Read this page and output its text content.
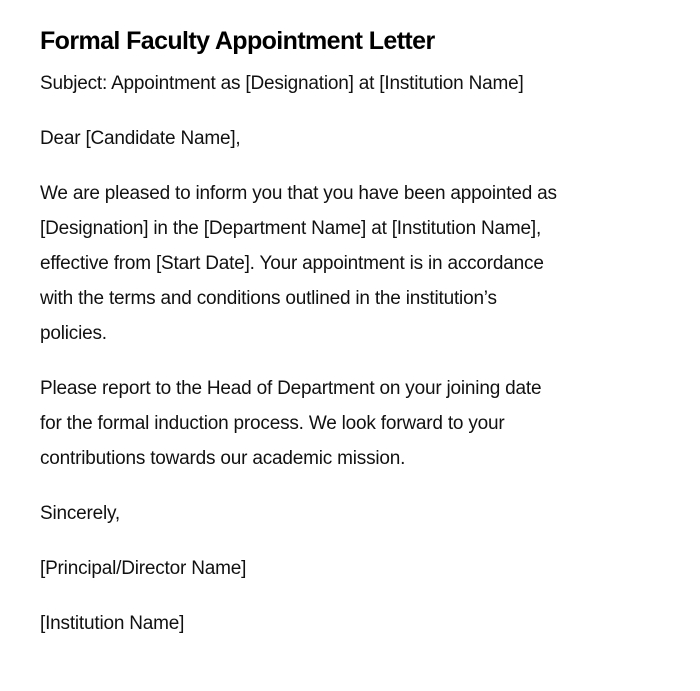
Formal Faculty Appointment Letter

Subject: Appointment as [Designation] at [Institution Name]

Dear [Candidate Name],

We are pleased to inform you that you have been appointed as
[Designation] in the [Department Name] at [Institution Name],
effective from [Start Date]. Your appointment is in accordance
with the terms and conditions outlined in the institution’s
policies.

Please report to the Head of Department on your joining date
for the formal induction process. We look forward to your
contributions towards our academic mission.

Sincerely,

[Principal/Director Name]

[Institution Name]
